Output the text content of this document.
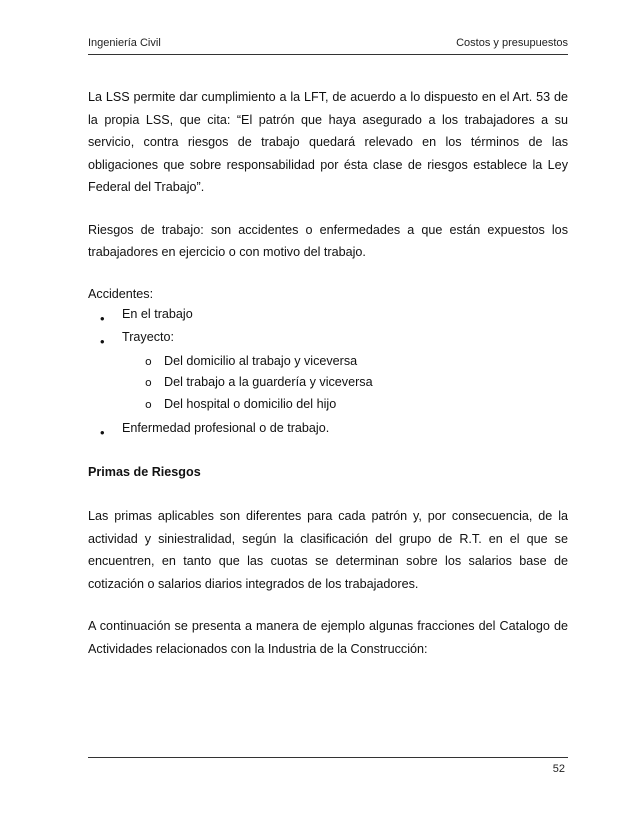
Ingeniería Civil	Costos y presupuestos

La LSS permite dar cumplimiento a la LFT, de acuerdo a lo dispuesto en el Art. 53 de la propia LSS, que cita: “El patrón que haya asegurado a los trabajadores a su servicio, contra riesgos de trabajo quedará relevado en los términos de las obligaciones que sobre responsabilidad por ésta clase de riesgos establece la Ley Federal del Trabajo”.

Riesgos de trabajo: son accidentes o enfermedades a que están expuestos los trabajadores en ejercicio o con motivo del trabajo.

Accidentes:

• En el trabajo
• Trayecto:
o Del domicilio al trabajo y viceversa
o Del trabajo a la guardería y viceversa
o Del hospital o domicilio del hijo
• Enfermedad profesional o de trabajo.

Primas de Riesgos

Las primas aplicables son diferentes para cada patrón y, por consecuencia, de la actividad y siniestralidad, según la clasificación del grupo de R.T. en el que se encuentren, en tanto que las cuotas se determinan sobre los salarios base de cotización o salarios diarios integrados de los trabajadores.

A continuación se presenta a manera de ejemplo algunas fracciones del Catalogo de Actividades relacionados con la Industria de la Construcción:

52
